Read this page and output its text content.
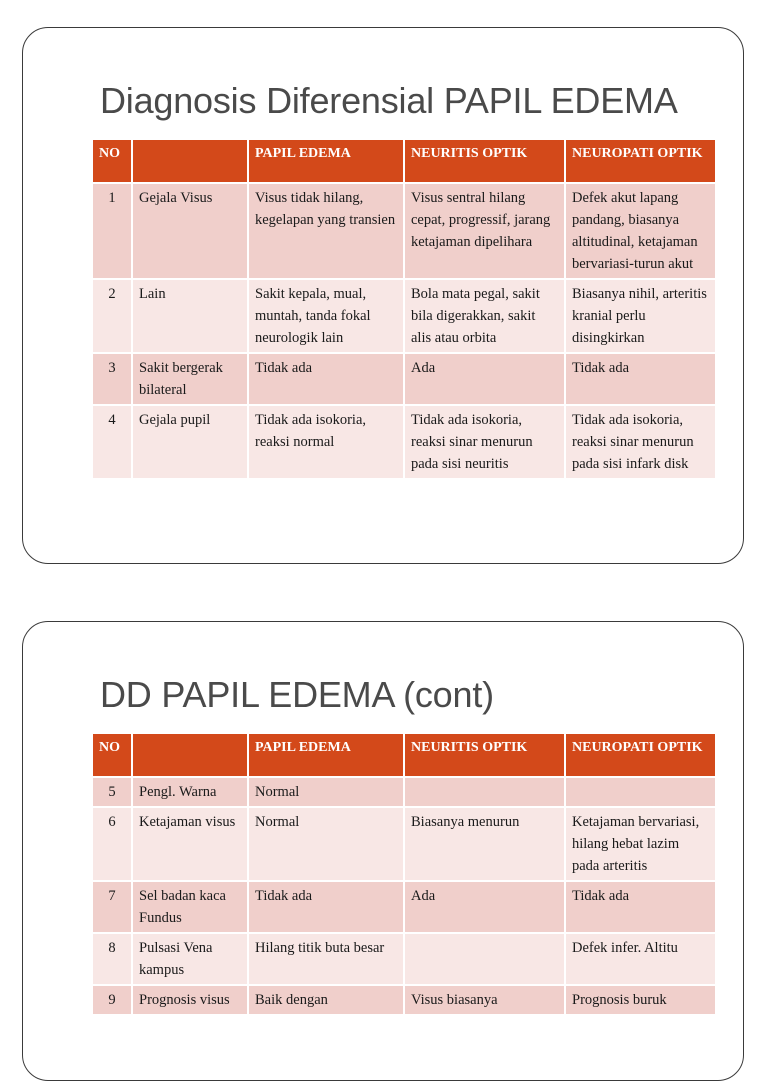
Diagnosis Diferensial PAPIL EDEMA
NO		PAPIL EDEMA	NEURITIS OPTIK	NEUROPATI OPTIK
1	Gejala Visus	Visus tidak hilang, kegelapan yang transien	Visus sentral hilang cepat, progressif, jarang ketajaman dipelihara	Defek akut lapang pandang, biasanya altitudinal, ketajaman bervariasi-turun akut
2	Lain	Sakit kepala, mual, muntah, tanda fokal neurologik lain	Bola mata pegal, sakit bila digerakkan, sakit alis atau orbita	Biasanya nihil, arteritis kranial perlu disingkirkan
3	Sakit bergerak bilateral	Tidak ada	Ada	Tidak ada
4	Gejala pupil	Tidak ada isokoria, reaksi normal	Tidak ada isokoria, reaksi sinar menurun pada sisi neuritis	Tidak ada isokoria, reaksi sinar menurun pada sisi infark disk
DD PAPIL EDEMA (cont)
NO		PAPIL EDEMA	NEURITIS OPTIK	NEUROPATI OPTIK
5	Pengl. Warna	Normal		
6	Ketajaman visus	Normal	Biasanya menurun	Ketajaman bervariasi, hilang hebat lazim pada arteritis
7	Sel badan kaca Fundus	Tidak ada	Ada	Tidak ada
8	Pulsasi Vena kampus	Hilang titik buta besar		Defek infer. Altitu
9	Prognosis visus	Baik dengan	Visus biasanya	Prognosis buruk
